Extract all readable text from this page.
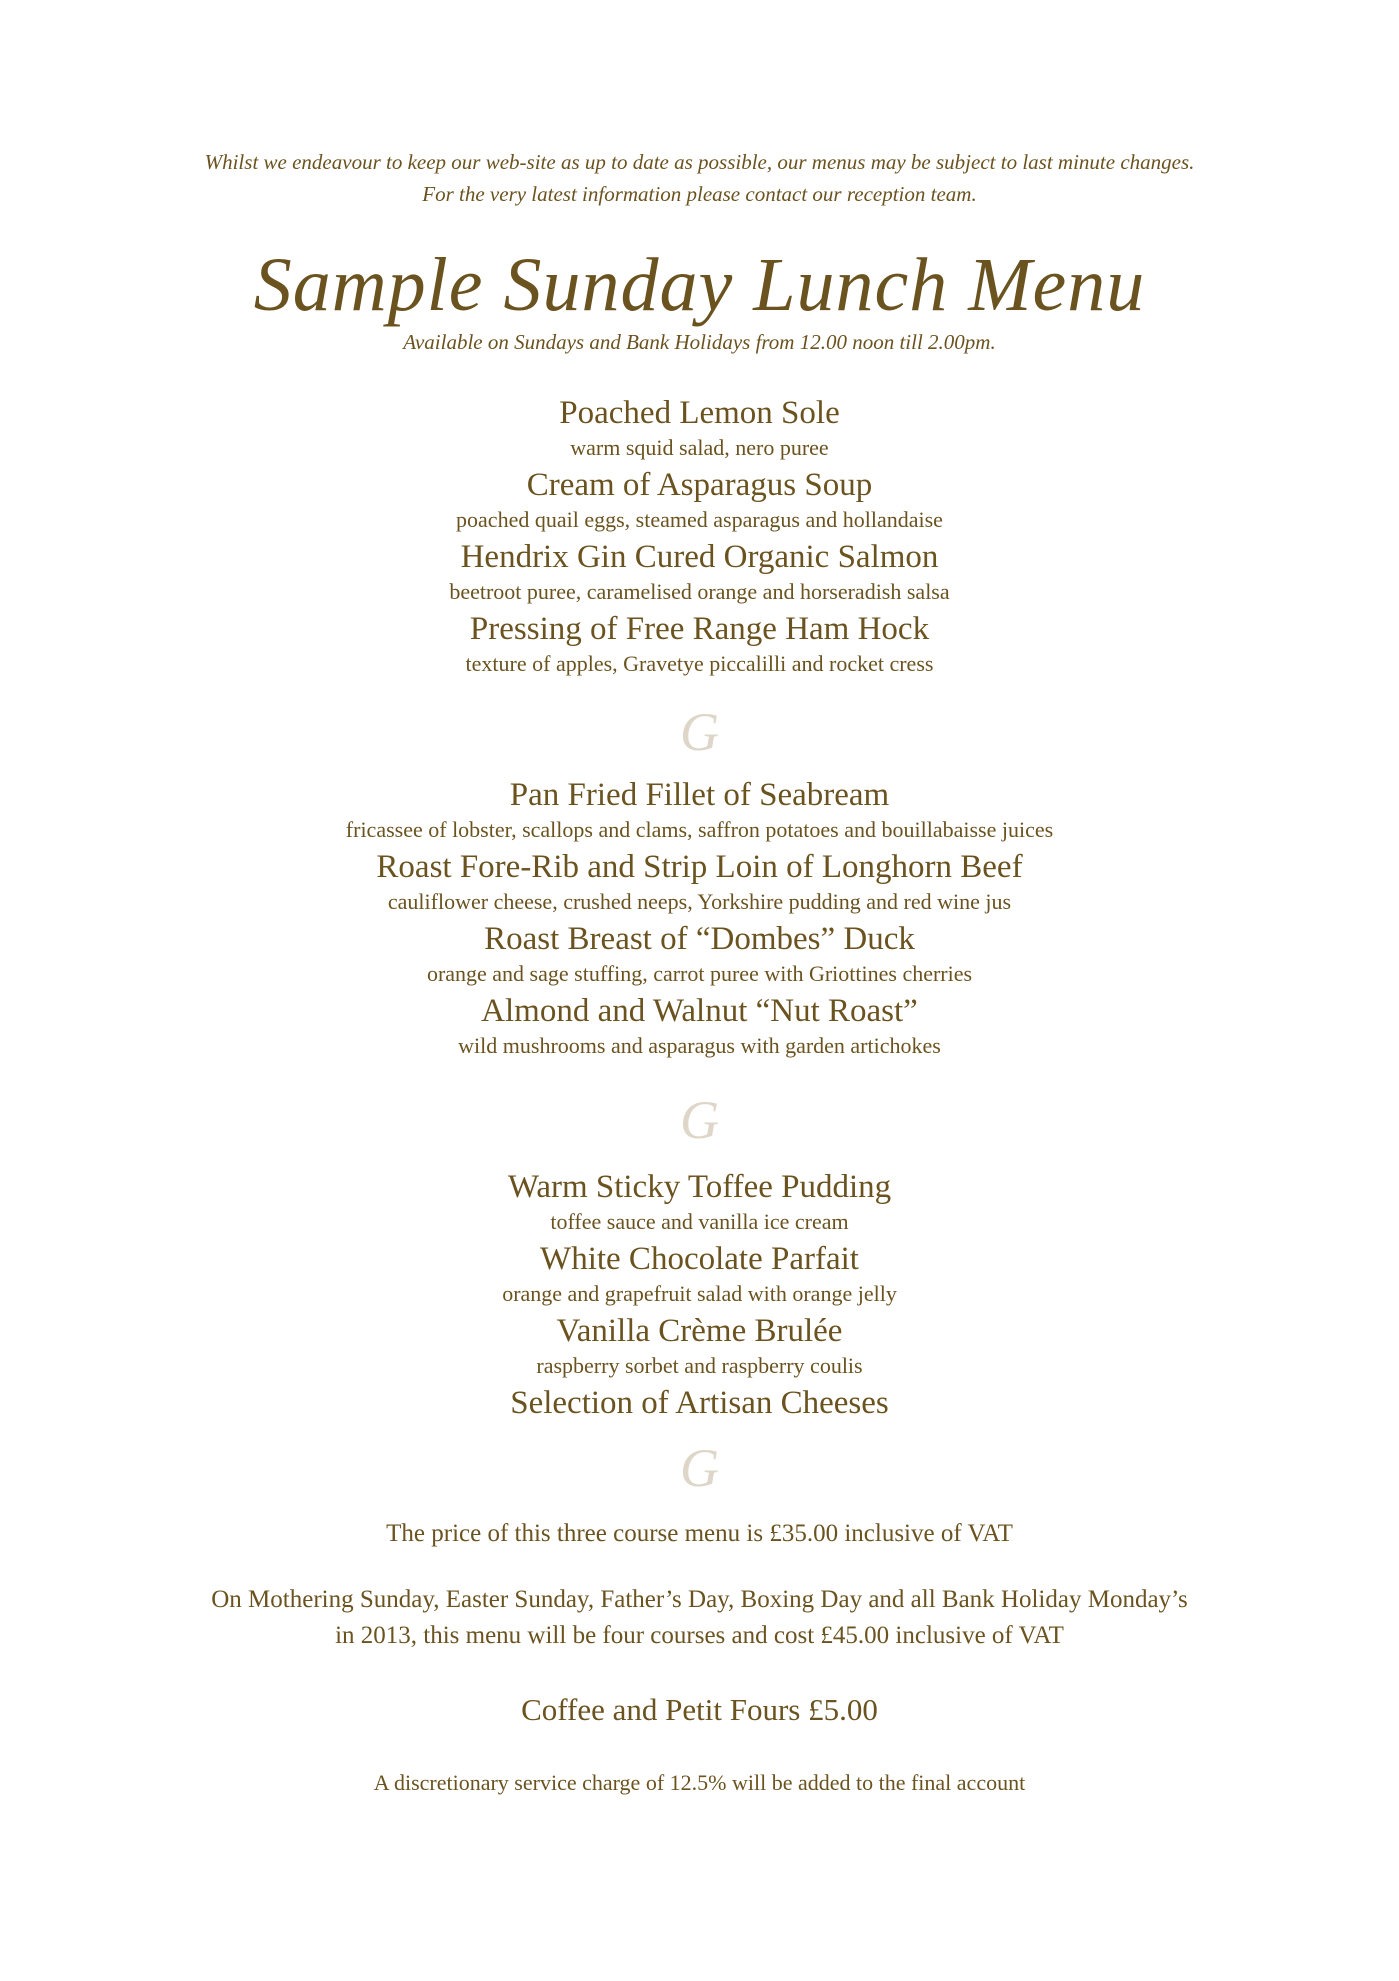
Whilst we endeavour to keep our web-site as up to date as possible, our menus may be subject to last minute changes.

For the very latest information please contact our reception team.

Sample Sunday Lunch Menu

Available on Sundays and Bank Holidays from 12.00 noon till 2.00pm.

Poached Lemon Sole

warm squid salad, nero puree

Cream of Asparagus Soup

poached quail eggs, steamed asparagus and hollandaise

Hendrix Gin Cured Organic Salmon

beetroot puree, caramelised orange and horseradish salsa

Pressing of Free Range Ham Hock

texture of apples, Gravetye piccalilli and rocket cress

G

Pan Fried Fillet of Seabream

fricassee of lobster, scallops and clams, saffron potatoes and bouillabaisse juices

Roast Fore-Rib and Strip Loin of Longhorn Beef

cauliflower cheese, crushed neeps, Yorkshire pudding and red wine jus

Roast Breast of “Dombes” Duck

orange and sage stuffing, carrot puree with Griottines cherries

Almond and Walnut “Nut Roast”

wild mushrooms and asparagus with garden artichokes

G

Warm Sticky Toffee Pudding

toffee sauce and vanilla ice cream

White Chocolate Parfait

orange and grapefruit salad with orange jelly

Vanilla Crème Brulée

raspberry sorbet and raspberry coulis

Selection of Artisan Cheeses

G

The price of this three course menu is £35.00 inclusive of VAT

On Mothering Sunday, Easter Sunday, Father’s Day, Boxing Day and all Bank Holiday Monday’s

in 2013, this menu will be four courses and cost £45.00 inclusive of VAT

Coffee and Petit Fours £5.00

A discretionary service charge of 12.5% will be added to the final account
